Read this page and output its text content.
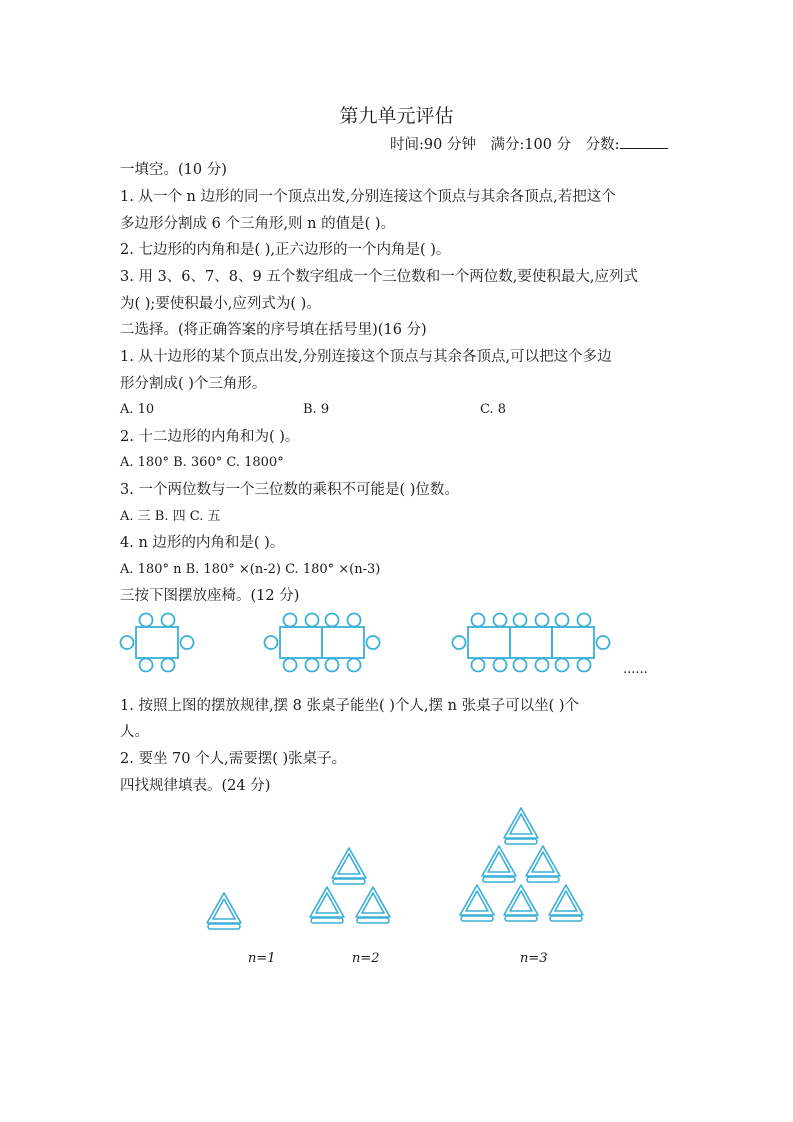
第九单元评估
时间:90 分钟　满分:100 分　分数:
一填空。(10 分)
1. 从一个 n 边形的同一个顶点出发,分别连接这个顶点与其余各顶点,若把这个
多边形分割成 6 个三角形,则 n 的值是( )。
2. 七边形的内角和是( ),正六边形的一个内角是( )。
3. 用 3、6、7、8、9 五个数字组成一个三位数和一个两位数,要使积最大,应列式
为( );要使积最小,应列式为( )。
二选择。(将正确答案的序号填在括号里)(16 分)
1. 从十边形的某个顶点出发,分别连接这个顶点与其余各顶点,可以把这个多边
形分割成( )个三角形。
A. 10	B. 9	C. 8
2. 十二边形的内角和为( )。
A. 180° B. 360° C. 1800°
3. 一个两位数与一个三位数的乘积不可能是( )位数。
A. 三 B. 四 C. 五
4. n 边形的内角和是( )。
A. 180° n B. 180° ×(n-2) C. 180° ×(n-3)
三按下图摆放座椅。(12 分)
......
1. 按照上图的摆放规律,摆 8 张桌子能坐( )个人,摆 n 张桌子可以坐( )个
人。
2. 要坐 70 个人,需要摆( )张桌子。
四找规律填表。(24 分)
n=1	n=2	n=3
